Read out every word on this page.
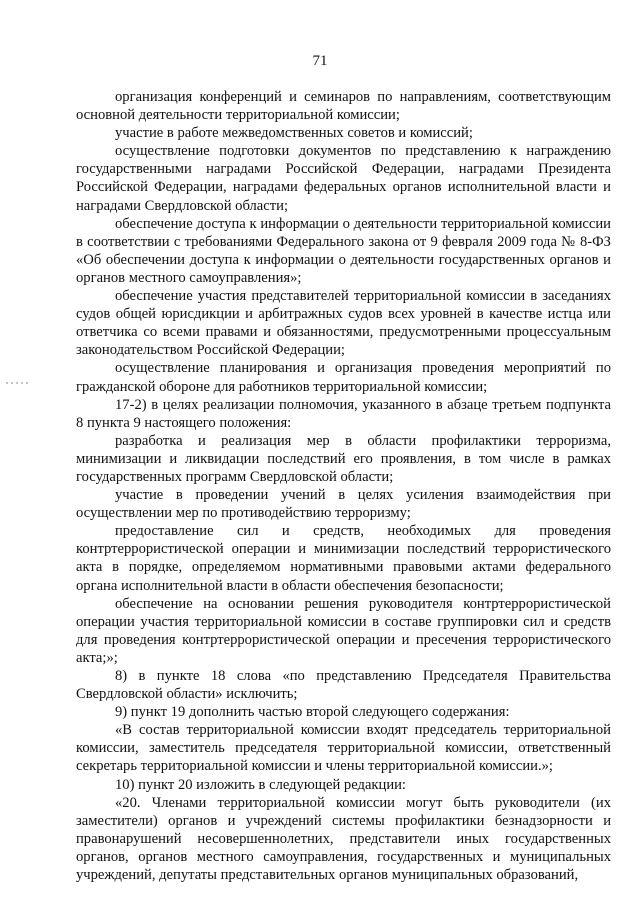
71

организация конференций и семинаров по направлениям, соответствующим основной деятельности территориальной комиссии;

участие в работе межведомственных советов и комиссий;

осуществление подготовки документов по представлению к награждению государственными наградами Российской Федерации, наградами Президента Российской Федерации, наградами федеральных органов исполнительной власти и наградами Свердловской области;

обеспечение доступа к информации о деятельности территориальной комиссии в соответствии с требованиями Федерального закона от 9 февраля 2009 года № 8-ФЗ «Об обеспечении доступа к информации о деятельности государственных органов и органов местного самоуправления»;

обеспечение участия представителей территориальной комиссии в заседаниях судов общей юрисдикции и арбитражных судов всех уровней в качестве истца или ответчика со всеми правами и обязанностями, предусмотренными процессуальным законодательством Российской Федерации;

осуществление планирования и организация проведения мероприятий по гражданской обороне для работников территориальной комиссии;

17-2) в целях реализации полномочия, указанного в абзаце третьем подпункта 8 пункта 9 настоящего положения:

разработка и реализация мер в области профилактики терроризма, минимизации и ликвидации последствий его проявления, в том числе в рамках государственных программ Свердловской области;

участие в проведении учений в целях усиления взаимодействия при осуществлении мер по противодействию терроризму;

предоставление сил и средств, необходимых для проведения контртеррористической операции и минимизации последствий террористического акта в порядке, определяемом нормативными правовыми актами федерального органа исполнительной власти в области обеспечения безопасности;

обеспечение на основании решения руководителя контртеррористической операции участия территориальной комиссии в составе группировки сил и средств для проведения контртеррористической операции и пресечения террористического акта;»;

8) в пункте 18 слова «по представлению Председателя Правительства Свердловской области» исключить;

9) пункт 19 дополнить частью второй следующего содержания:

«В состав территориальной комиссии входят председатель территориальной комиссии, заместитель председателя территориальной комиссии, ответственный секретарь территориальной комиссии и члены территориальной комиссии.»;

10) пункт 20 изложить в следующей редакции:

«20. Членами территориальной комиссии могут быть руководители (их заместители) органов и учреждений системы профилактики безнадзорности и правонарушений несовершеннолетних, представители иных государственных органов, органов местного самоуправления, государственных и муниципальных учреждений, депутаты представительных органов муниципальных образований,
